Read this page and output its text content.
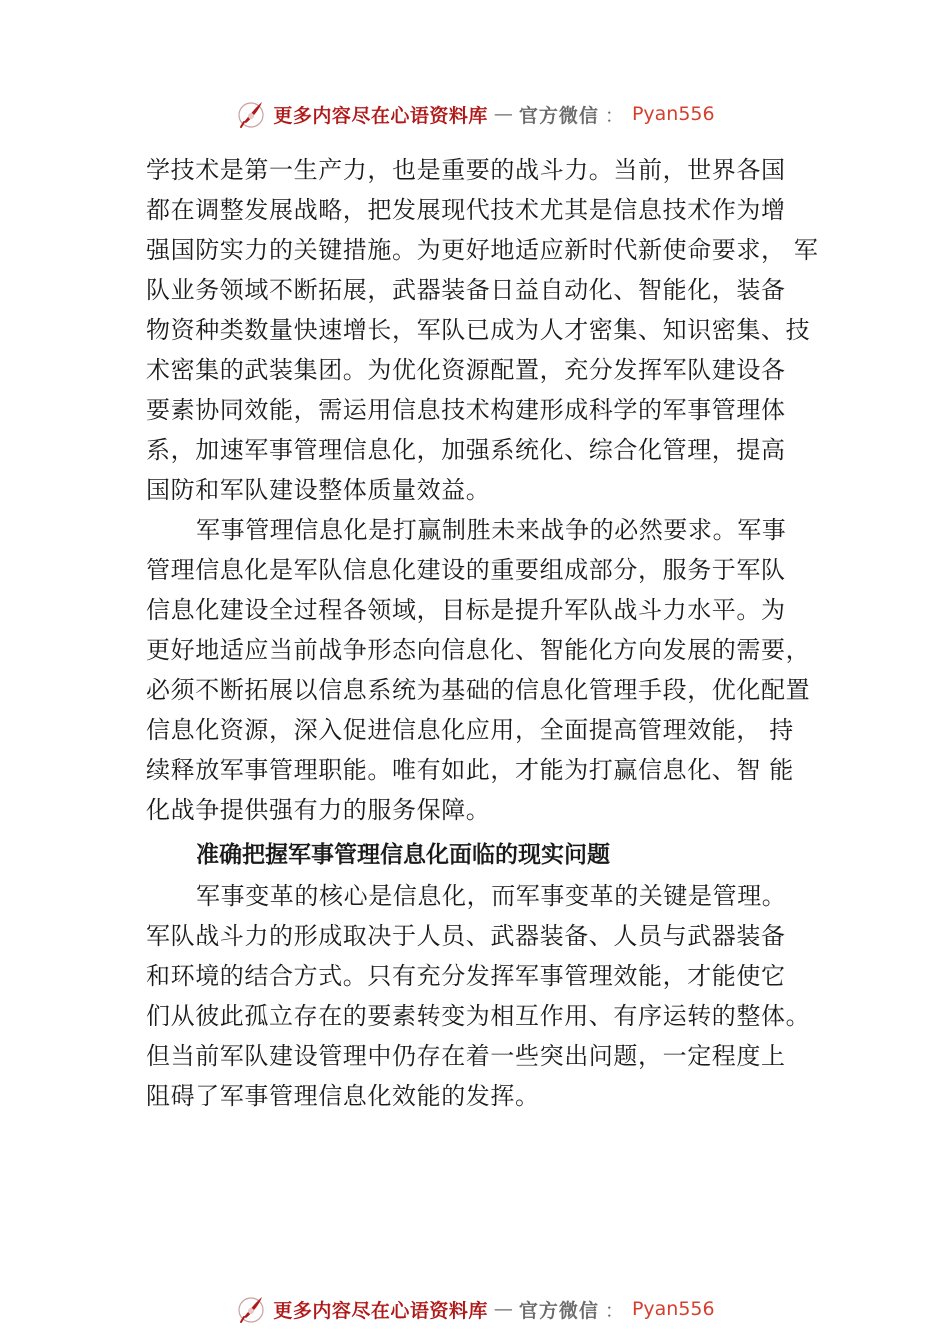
更多内容尽在心语资料库 — 官方微信 ： Pyan556
学技术是第一生产力，也是重要的战斗力。当前，世界各国
都在调整发展战略，把发展现代技术尤其是信息技术作为增
强国防实力的关键措施。为更好地适应新时代新使命要求， 军
队业务领域不断拓展，武器装备日益自动化、智能化，装备
物资种类数量快速增长，军队已成为人才密集、知识密集、技
术密集的武装集团。为优化资源配置，充分发挥军队建设各
要素协同效能，需运用信息技术构建形成科学的军事管理体
系，加速军事管理信息化，加强系统化、综合化管理，提高
国防和军队建设整体质量效益。
军事管理信息化是打赢制胜未来战争的必然要求。军事
管理信息化是军队信息化建设的重要组成部分，服务于军队
信息化建设全过程各领域，目标是提升军队战斗力水平。为
更好地适应当前战争形态向信息化、智能化方向发展的需要，
必须不断拓展以信息系统为基础的信息化管理手段，优化配置
信息化资源，深入促进信息化应用，全面提高管理效能， 持
续释放军事管理职能。唯有如此，才能为打赢信息化、智 能
化战争提供强有力的服务保障。
准确把握军事管理信息化面临的现实问题
军事变革的核心是信息化，而军事变革的关键是管理。
军队战斗力的形成取决于人员、武器装备、人员与武器装备
和环境的结合方式。只有充分发挥军事管理效能，才能使它
们从彼此孤立存在的要素转变为相互作用、有序运转的整体。
但当前军队建设管理中仍存在着一些突出问题，一定程度上
阻碍了军事管理信息化效能的发挥。
更多内容尽在心语资料库 — 官方微信 ： Pyan556
